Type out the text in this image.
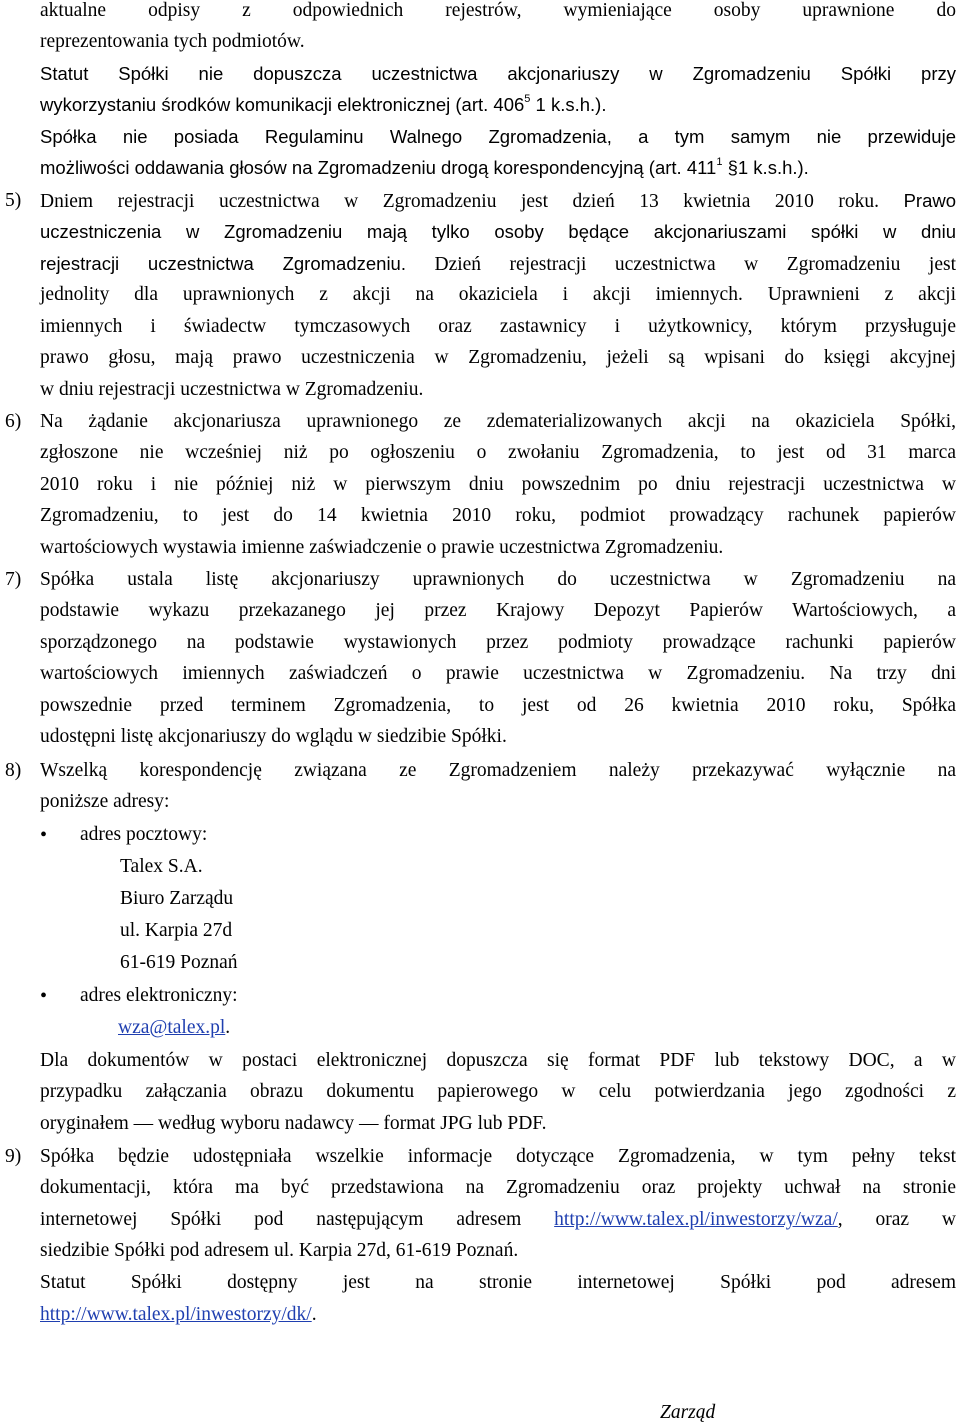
aktualne odpisy z odpowiednich rejestrów, wymieniające osoby uprawnione do
reprezentowania tych podmiotów.
Statut Spółki nie dopuszcza uczestnictwa akcjonariuszy w Zgromadzeniu Spółki przy
wykorzystaniu środków komunikacji elektronicznej (art. $406^5$ 1 k.s.h.).
Spółka nie posiada Regulaminu Walnego Zgromadzenia, a tym samym nie przewiduje
możliwości oddawania głosów na Zgromadzeniu drogą korespondencyjną (art. $411^1$ §1 k.s.h.).
5) Dniem rejestracji uczestnictwa w Zgromadzeniu jest dzień 13 kwietnia 2010 roku. Prawo
uczestniczenia w Zgromadzeniu mają tylko osoby będące akcjonariuszami spółki w dniu
rejestracji uczestnictwa Zgromadzeniu. Dzień rejestracji uczestnictwa w Zgromadzeniu jest
jednolity dla uprawnionych z akcji na okaziciela i akcji imiennych. Uprawnieni z akcji
imiennych i świadectw tymczasowych oraz zastawnicy i użytkownicy, którym przysługuje
prawo głosu, mają prawo uczestniczenia w Zgromadzeniu, jeżeli są wpisani do księgi akcyjnej
w dniu rejestracji uczestnictwa w Zgromadzeniu.
6) Na żądanie akcjonariusza uprawnionego ze zdematerializowanych akcji na okaziciela Spółki,
zgłoszone nie wcześniej niż po ogłoszeniu o zwołaniu Zgromadzenia, to jest od 31 marca
2010 roku i nie później niż w pierwszym dniu powszednim po dniu rejestracji uczestnictwa w
Zgromadzeniu, to jest do 14 kwietnia 2010 roku, podmiot prowadzący rachunek papierów
wartościowych wystawia imienne zaświadczenie o prawie uczestnictwa Zgromadzeniu.
7) Spółka ustala listę akcjonariuszy uprawnionych do uczestnictwa w Zgromadzeniu na
podstawie wykazu przekazanego jej przez Krajowy Depozyt Papierów Wartościowych, a
sporządzonego na podstawie wystawionych przez podmioty prowadzące rachunki papierów
wartościowych imiennych zaświadczeń o prawie uczestnictwa w Zgromadzeniu. Na trzy dni
powszednie przed terminem Zgromadzenia, to jest od 26 kwietnia 2010 roku, Spółka
udostępni listę akcjonariuszy do wglądu w siedzibie Spółki.
8) Wszelką korespondencję związana ze Zgromadzeniem należy przekazywać wyłącznie na
poniższe adresy:
• adres pocztowy:
Talex S.A.
Biuro Zarządu
ul. Karpia 27d
61-619 Poznań
• adres elektroniczny:
wza@talex.pl.
Dla dokumentów w postaci elektronicznej dopuszcza się format PDF lub tekstowy DOC, a w
przypadku załączania obrazu dokumentu papierowego w celu potwierdzania jego zgodności z
oryginałem — według wyboru nadawcy — format JPG lub PDF.
9) Spółka będzie udostępniała wszelkie informacje dotyczące Zgromadzenia, w tym pełny tekst
dokumentacji, która ma być przedstawiona na Zgromadzeniu oraz projekty uchwał na stronie
internetowej Spółki pod następującym adresem http://www.talex.pl/inwestorzy/wza/, oraz w
siedzibie Spółki pod adresem ul. Karpia 27d, 61-619 Poznań.
Statut Spółki dostępny jest na stronie internetowej Spółki pod adresem
http://www.talex.pl/inwestorzy/dk/.
Zarząd
